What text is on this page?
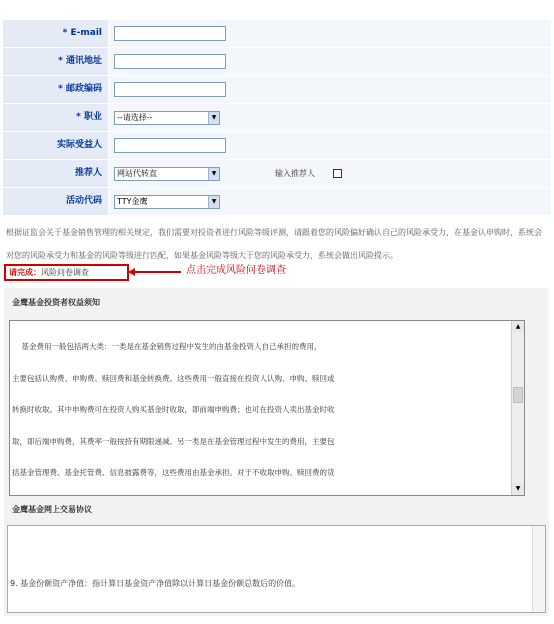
* E-mail
* 通讯地址
* 邮政编码
* 职业	--请选择--	▼
实际受益人
推荐人	网站代转直	▼	输入推荐人
活动代码	TTY金鹰	▼
根据证监会关于基金销售管理的相关规定，我们需要对投资者进行风险等级评测，请跟着您的风险偏好确认自己的风险承受力，在基金认申购时，系统会对您的风险承受力和基金的风险等级进行匹配，如果基金风险等级大于您的风险承受力，系统会做出风险提示。
请完成：风险问卷调查	点击完成风险问卷调查
金鹰基金投资者权益须知

基金费用一般包括两大类：一类是在基金销售过程中发生的由基金投资人自己承担的费用，

主要包括认购费、申购费、赎回费和基金转换费。这些费用一般直接在投资人认购、申购、赎回或

转换时收取。其中申购费可在投资人购买基金时收取，即前端申购费；也可在投资人卖出基金时收

取，即后端申购费，其费率一般按持有期限递减。另一类是在基金管理过程中发生的费用，主要包

括基金管理费、基金托管费、信息披露费等，这些费用由基金承担。对于不收取申购、赎回费的货

▲
▼
金鹰基金网上交易协议

9. 基金份额资产净值：指计算日基金资产净值除以计算日基金份额总数后的价值。
